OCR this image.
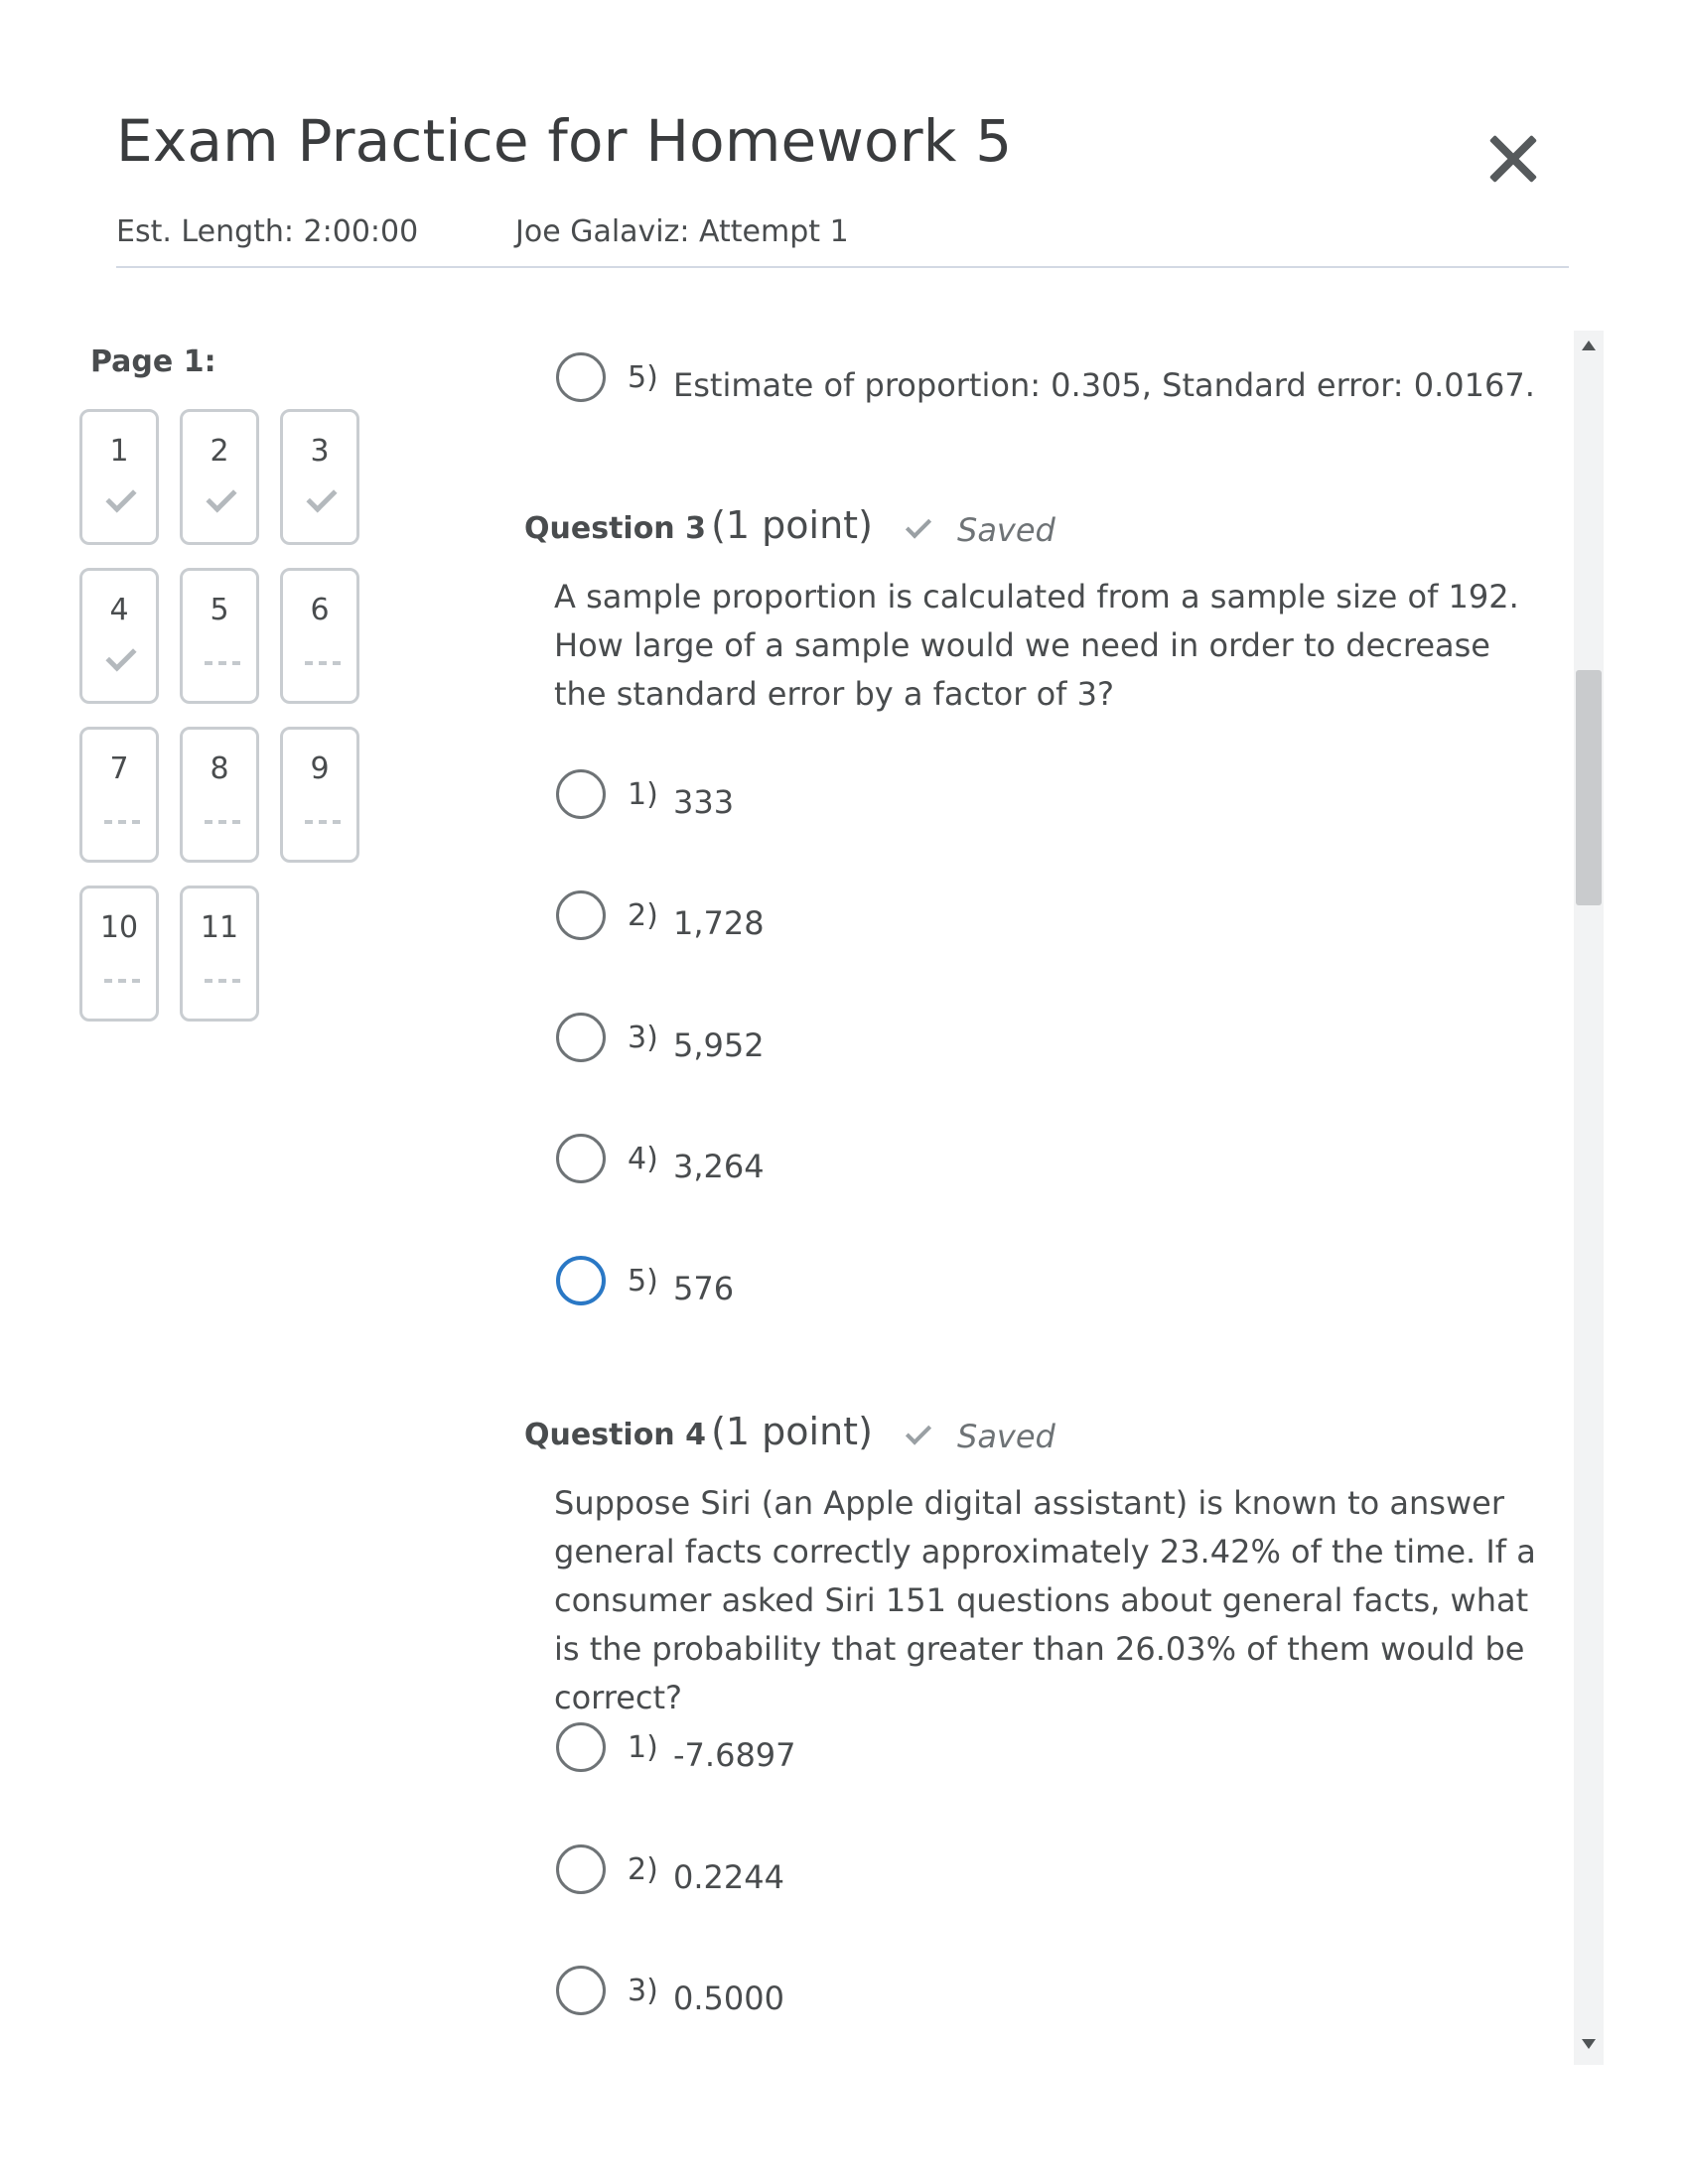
Exam Practice for Homework 5
Est. Length: 2:00:00	Joe Galaviz: Attempt 1
Page 1:
1	2	3
4	5	6
7	8	9
10	11
5) Estimate of proportion: 0.305, Standard error: 0.0167.
Question 3 (1 point)	Saved
A sample proportion is calculated from a sample size of 192. How large of a sample would we need in order to decrease the standard error by a factor of 3?
1) 333
2) 1,728
3) 5,952
4) 3,264
5) 576
Question 4 (1 point)	Saved
Suppose Siri (an Apple digital assistant) is known to answer general facts correctly approximately 23.42% of the time. If a consumer asked Siri 151 questions about general facts, what is the probability that greater than 26.03% of them would be correct?
1) -7.6897
2) 0.2244
3) 0.5000
